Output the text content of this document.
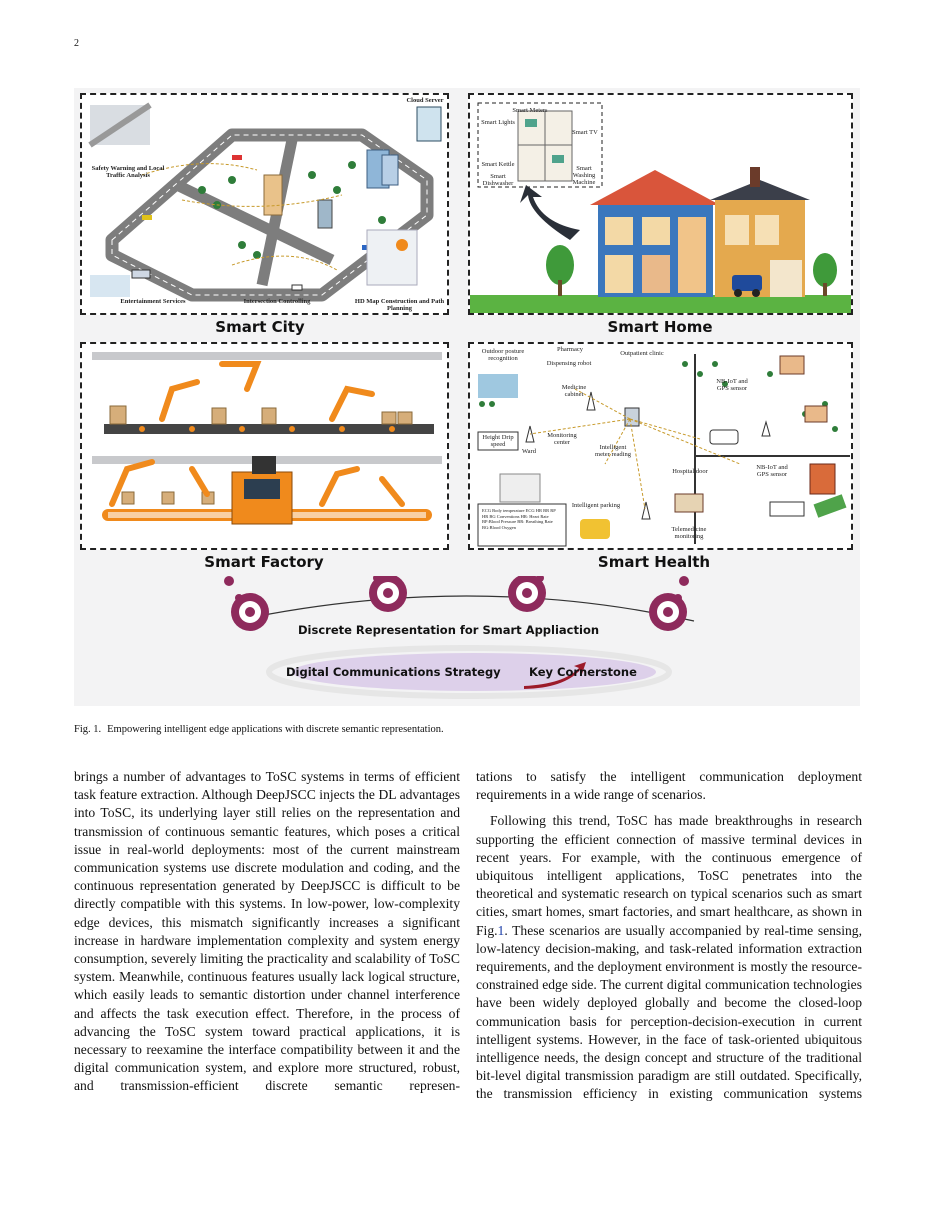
2
Cloud Server
Safety Warning and Local Traffic Analysis
Entertainment Services	Intersection Controlling	HD Map Construction and Path Planning
Smart City
Smart TV
Smart Lights
Smart Meters
Smart Kettle
Smart Dishwasher
Smart Washing Machine
Smart Home
Smart Factory
Outdoor posture recognition
Pharmacy
Dispensing robot
Medicine cabinet
Outpatient clinic
NB-IoT and GPS sensor
Height Drip speed
Monitoring center
Ward
Intelligent meter reading
Hospital door
NB-IoT and GPS sensor
Intelligent parking
Telemedicine monitoring
ECG Body temperature ECG HR BR RP HR BG Conventions HR: Heart Rate BP:Blood Pressure BR: Breathing Rate BG:Blood Oxygen
Smart Health
Discrete Representation for Smart Appliaction
Digital Communications Strategy Key Cornerstone
Fig. 1. Empowering intelligent edge applications with discrete semantic representation.

brings a number of advantages to ToSC systems in terms of efficient task feature extraction. Although DeepJSCC injects the DL advantages into ToSC, its underlying layer still relies on the representation and transmission of continuous semantic features, which poses a critical issue in real-world deployments: most of the current mainstream communication systems use discrete modulation and coding, and the continuous representation generated by DeepJSCC is difficult to be directly compatible with this systems. In low-power, low-complexity edge devices, this mismatch significantly increases a significant increase in hardware implementation complexity and system energy consumption, severely limiting the practicality and scalability of ToSC system. Meanwhile, continuous features usually lack logical structure, which easily leads to semantic distortion under channel interference and affects the task execution effect. Therefore, in the process of advancing the ToSC system toward practical applications, it is necessary to reexamine the interface compatibility between it and the digital communication system, and explore more structured, robust, and transmission-efficient discrete semantic represen-

tations to satisfy the intelligent communication deployment requirements in a wide range of scenarios.

Following this trend, ToSC has made breakthroughs in research supporting the efficient connection of massive terminal devices in recent years. For example, with the continuous emergence of ubiquitous intelligent applications, ToSC penetrates into the theoretical and systematic research on typical scenarios such as smart cities, smart homes, smart factories, and smart healthcare, as shown in Fig.1. These scenarios are usually accompanied by real-time sensing, low-latency decision-making, and task-related information extraction requirements, and the deployment environment is mostly the resource-constrained edge side. The current digital communication technologies have been widely deployed globally and become the closed-loop communication basis for perception-decision-execution in current intelligent systems. However, in the face of task-oriented ubiquitous intelligence needs, the design concept and structure of the traditional bit-level digital transmission paradigm are still outdated. Specifically, the transmission efficiency in existing communication systems
